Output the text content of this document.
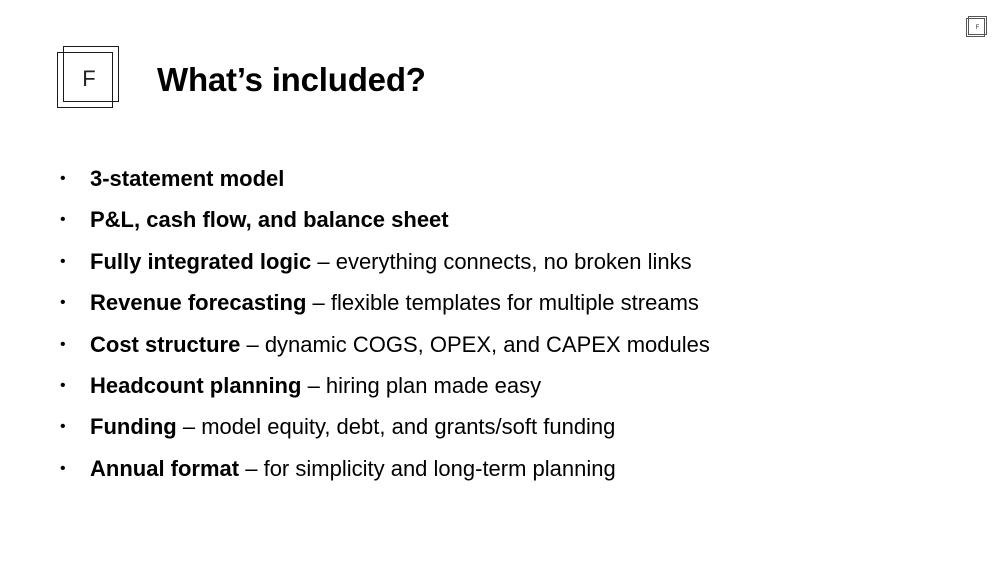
F
F
What’s included?
•	3-statement model
•	P&L, cash flow, and balance sheet
•	Fully integrated logic – everything connects, no broken links
•	Revenue forecasting – flexible templates for multiple streams
•	Cost structure – dynamic COGS, OPEX, and CAPEX modules
•	Headcount planning – hiring plan made easy
•	Funding – model equity, debt, and grants/soft funding
•	Annual format – for simplicity and long-term planning
